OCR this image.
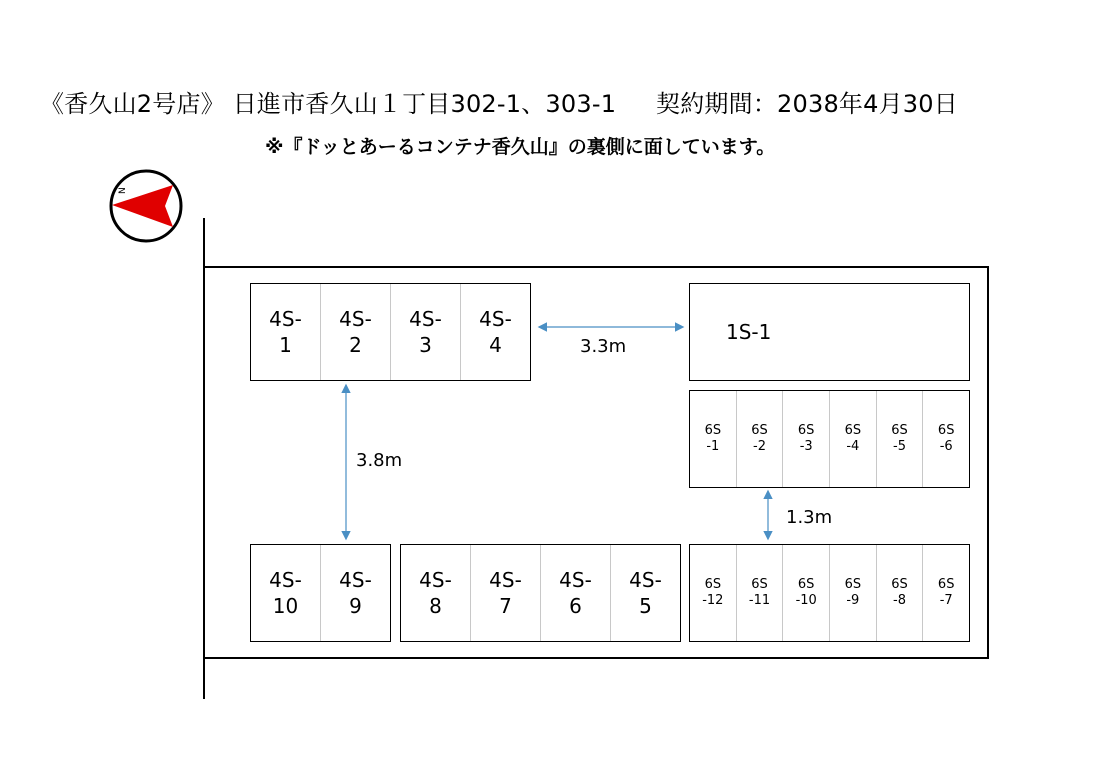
《香久山2号店》 日進市香久山１丁目302-1、303-1 　 契約期間：2038年4月30日
※『ドッとあーるコンテナ香久山』の裏側に面しています。
N
4S-
1
4S-
2
4S-
3
4S-
4
1S-1
6S
-1
6S
-2
6S
-3
6S
-4
6S
-5
6S
-6
4S-
10
4S-
9
4S-
8
4S-
7
4S-
6
4S-
5
6S
-12
6S
-11
6S
-10
6S
-9
6S
-8
6S
-7
3.3m
3.8m
1.3m
